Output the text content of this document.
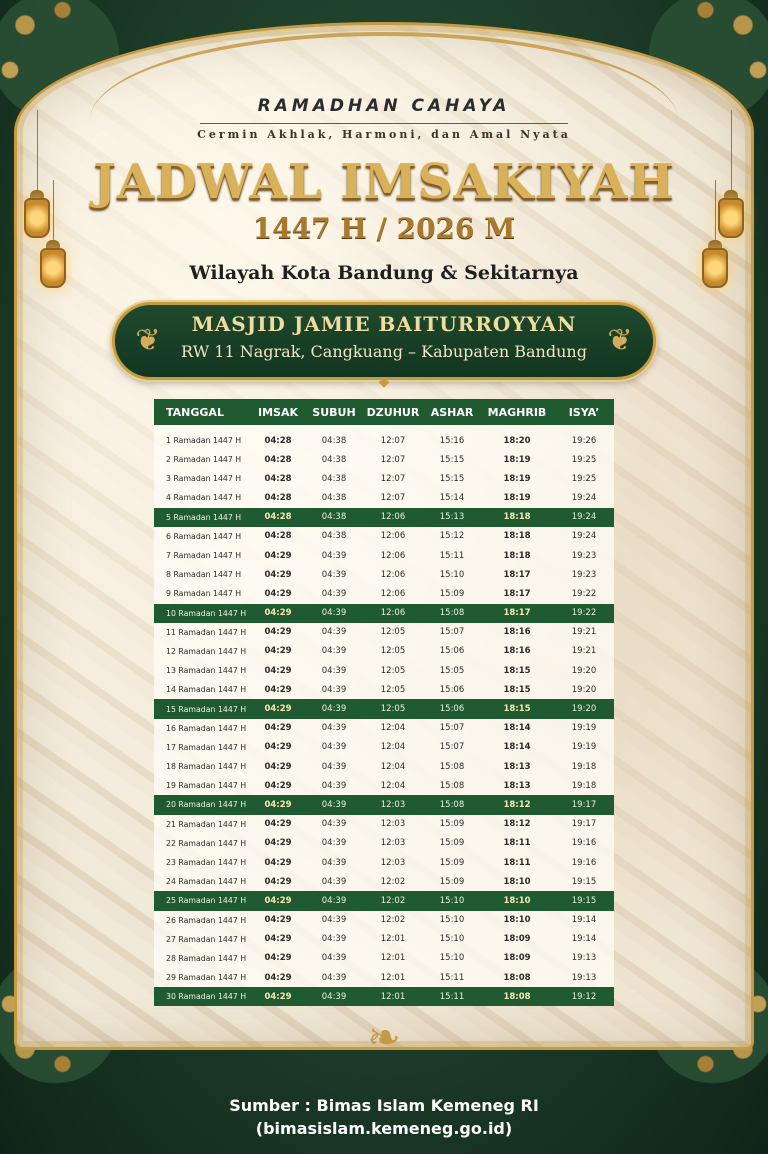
RAMADHAN CAHAYA
Cermin Akhlak, Harmoni, dan Amal Nyata
JADWAL IMSAKIYAH
1447 H / 2026 M
Wilayah Kota Bandung & Sekitarnya
❦	❦
MASJID JAMIE BAITURROYYAN
RW 11 Nagrak, Cangkuang – Kabupaten Bandung
◆
TANGGAL	IMSAK	SUBUH	DZUHUR	ASHAR	MAGHRIB	ISYA’
1 Ramadan 1447 H	04:28	04:38	12:07	15:16	18:20	19:26
2 Ramadan 1447 H	04:28	04:38	12:07	15:15	18:19	19:25
3 Ramadan 1447 H	04:28	04:38	12:07	15:15	18:19	19:25
4 Ramadan 1447 H	04:28	04:38	12:07	15:14	18:19	19:24
5 Ramadan 1447 H	04:28	04:38	12:06	15:13	18:18	19:24
6 Ramadan 1447 H	04:28	04:38	12:06	15:12	18:18	19:24
7 Ramadan 1447 H	04:29	04:39	12:06	15:11	18:18	19:23
8 Ramadan 1447 H	04:29	04:39	12:06	15:10	18:17	19:23
9 Ramadan 1447 H	04:29	04:39	12:06	15:09	18:17	19:22
10 Ramadan 1447 H	04:29	04:39	12:06	15:08	18:17	19:22
11 Ramadan 1447 H	04:29	04:39	12:05	15:07	18:16	19:21
12 Ramadan 1447 H	04:29	04:39	12:05	15:06	18:16	19:21
13 Ramadan 1447 H	04:29	04:39	12:05	15:05	18:15	19:20
14 Ramadan 1447 H	04:29	04:39	12:05	15:06	18:15	19:20
15 Ramadan 1447 H	04:29	04:39	12:05	15:06	18:15	19:20
16 Ramadan 1447 H	04:29	04:39	12:04	15:07	18:14	19:19
17 Ramadan 1447 H	04:29	04:39	12:04	15:07	18:14	19:19
18 Ramadan 1447 H	04:29	04:39	12:04	15:08	18:13	19:18
19 Ramadan 1447 H	04:29	04:39	12:04	15:08	18:13	19:18
20 Ramadan 1447 H	04:29	04:39	12:03	15:08	18:12	19:17
21 Ramadan 1447 H	04:29	04:39	12:03	15:09	18:12	19:17
22 Ramadan 1447 H	04:29	04:39	12:03	15:09	18:11	19:16
23 Ramadan 1447 H	04:29	04:39	12:03	15:09	18:11	19:16
24 Ramadan 1447 H	04:29	04:39	12:02	15:09	18:10	19:15
25 Ramadan 1447 H	04:29	04:39	12:02	15:10	18:10	19:15
26 Ramadan 1447 H	04:29	04:39	12:02	15:10	18:10	19:14
27 Ramadan 1447 H	04:29	04:39	12:01	15:10	18:09	19:14
28 Ramadan 1447 H	04:29	04:39	12:01	15:10	18:09	19:13
29 Ramadan 1447 H	04:29	04:39	12:01	15:11	18:08	19:13
30 Ramadan 1447 H	04:29	04:39	12:01	15:11	18:08	19:12
❧
Sumber : Bimas Islam Kemeneg RI
(bimasislam.kemeneg.go.id)
